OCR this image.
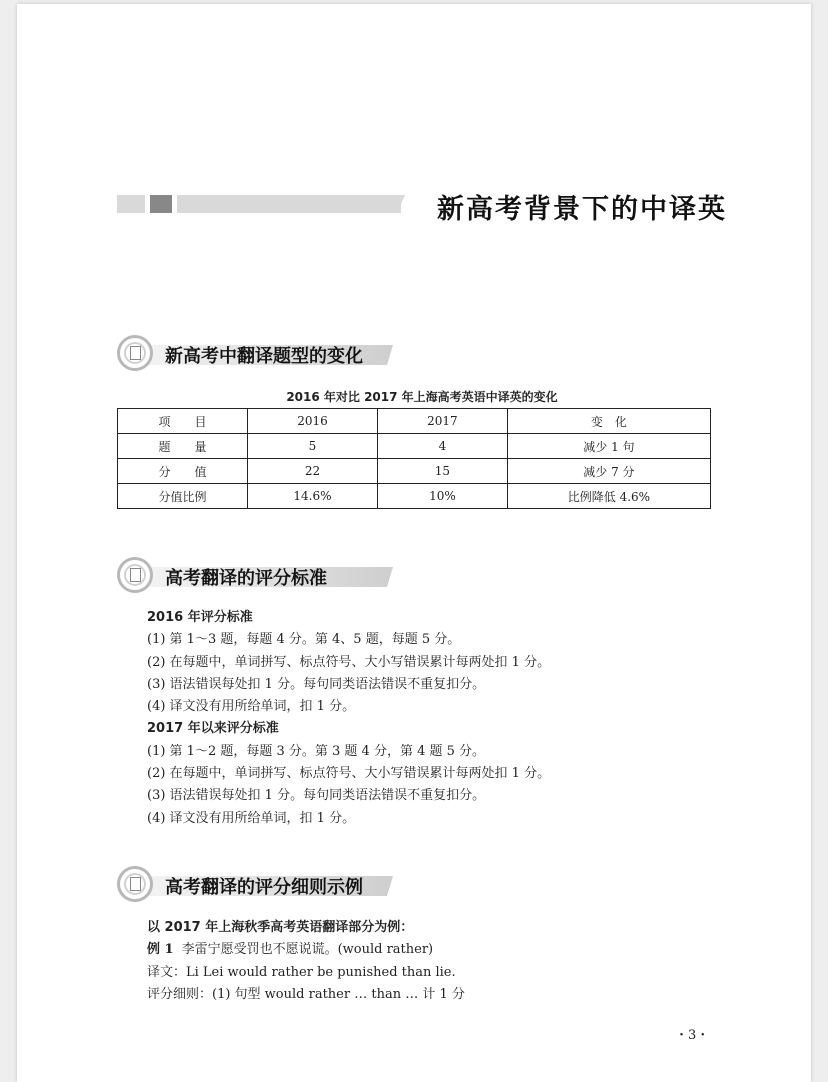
新高考背景下的中译英
新高考中翻译题型的变化
2016 年对比 2017 年上海高考英语中译英的变化
项　　目	2016	2017	变　化
题　　量	5	4	减少 1 句
分　　值	22	15	减少 7 分
分值比例	14.6%	10%	比例降低 4.6%
高考翻译的评分标准
2016 年评分标准
(1) 第 1～3 题，每题 4 分。第 4、5 题，每题 5 分。
(2) 在每题中，单词拼写、标点符号、大小写错误累计每两处扣 1 分。
(3) 语法错误每处扣 1 分。每句同类语法错误不重复扣分。
(4) 译文没有用所给单词，扣 1 分。
2017 年以来评分标准
(1) 第 1～2 题，每题 3 分。第 3 题 4 分，第 4 题 5 分。
(2) 在每题中，单词拼写、标点符号、大小写错误累计每两处扣 1 分。
(3) 语法错误每处扣 1 分。每句同类语法错误不重复扣分。
(4) 译文没有用所给单词，扣 1 分。
高考翻译的评分细则示例
以 2017 年上海秋季高考英语翻译部分为例：
例 1 李雷宁愿受罚也不愿说谎。(would rather)
译文：Li Lei would rather be punished than lie.
评分细则：(1) 句型 would rather … than … 计 1 分
・3・
